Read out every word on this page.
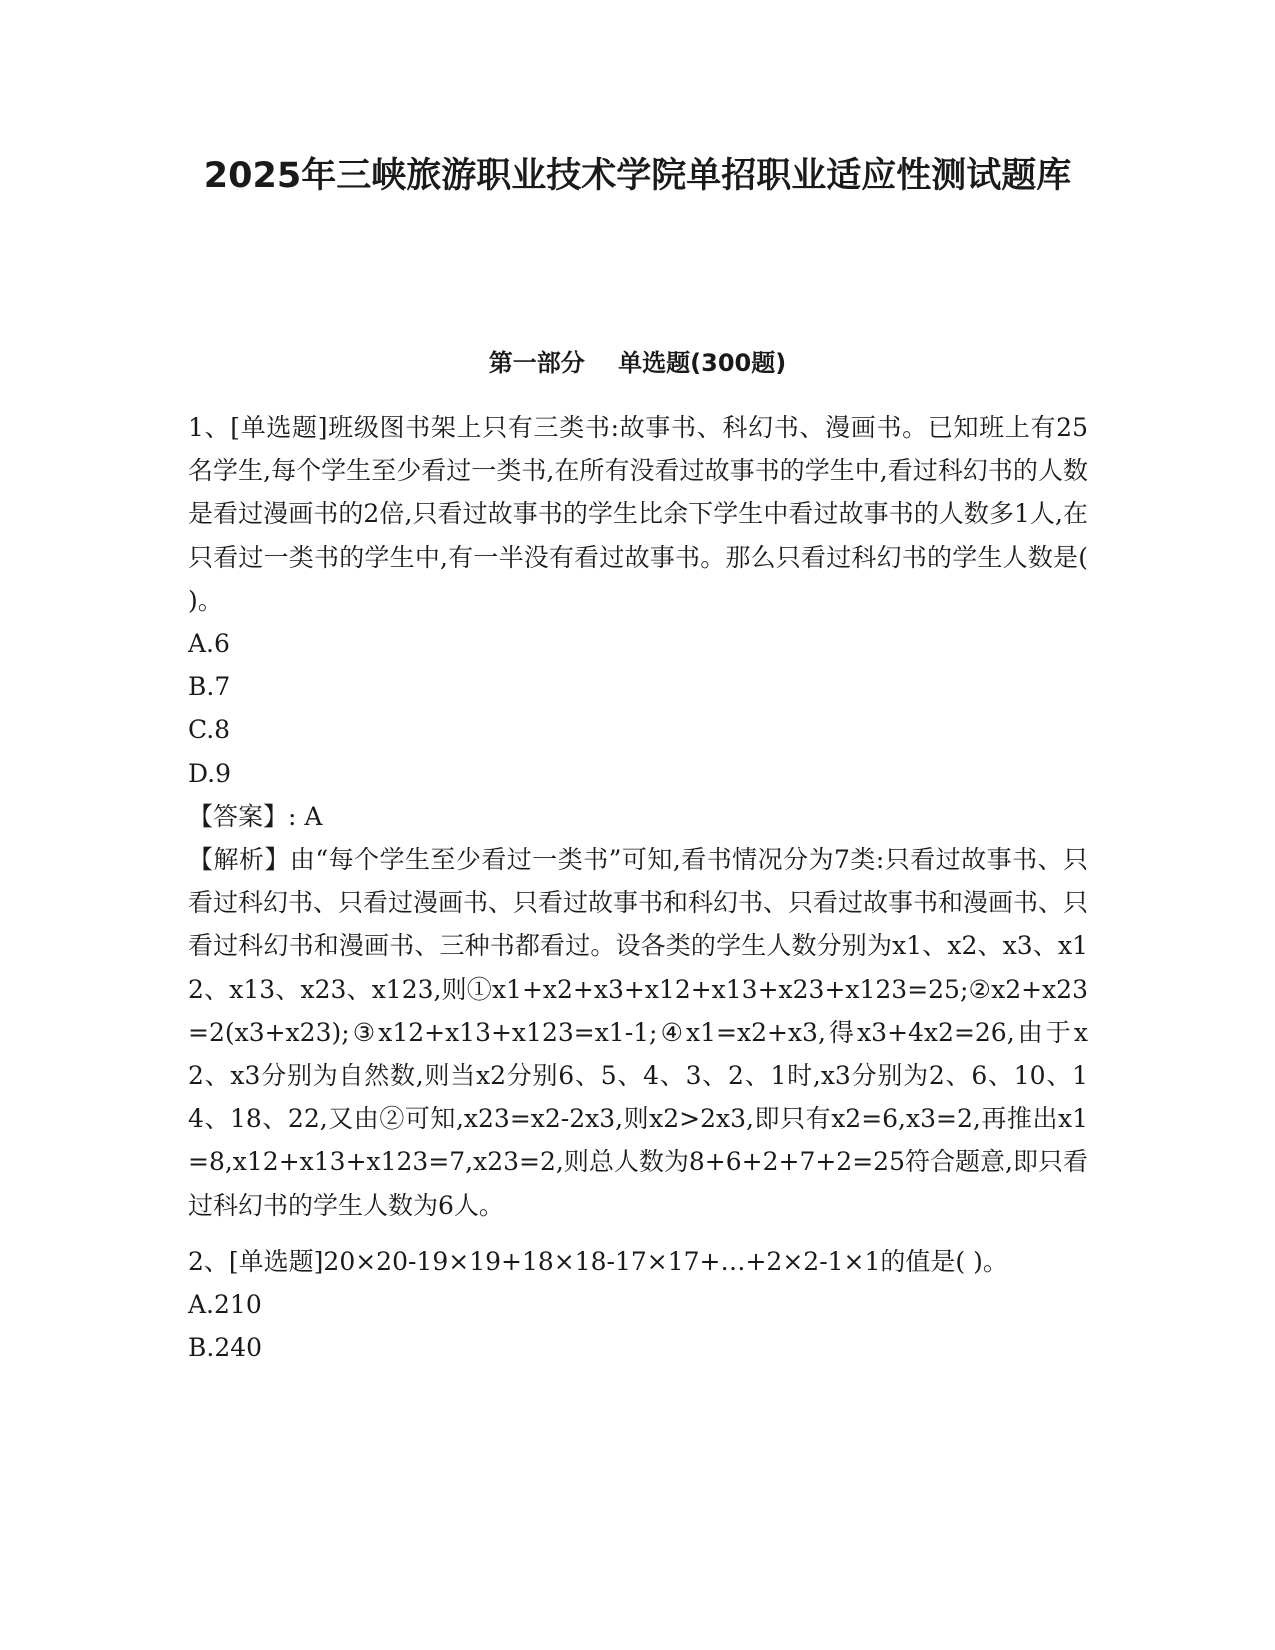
2025年三峡旅游职业技术学院单招职业适应性测试题库
第一部分    单选题(300题)

1、[单选题]班级图书架上只有三类书:故事书、科幻书、漫画书。已知班上有25名学生,每个学生至少看过一类书,在所有没看过故事书的学生中,看过科幻书的人数是看过漫画书的2倍,只看过故事书的学生比余下学生中看过故事书的人数多1人,在只看过一类书的学生中,有一半没有看过故事书。那么只看过科幻书的学生人数是( )。

A.6
B.7
C.8
D.9

【答案】: A

【解析】由“每个学生至少看过一类书”可知,看书情况分为7类:只看过故事书、只看过科幻书、只看过漫画书、只看过故事书和科幻书、只看过故事书和漫画书、只看过科幻书和漫画书、三种书都看过。设各类的学生人数分别为x1、x2、x3、x12、x13、x23、x123,则①x1+x2+x3+x12+x13+x23+x123=25;②x2+x23=2(x3+x23);③x12+x13+x123=x1-1;④x1=x2+x3,得x3+4x2=26,由于x2、x3分别为自然数,则当x2分别6、5、4、3、2、1时,x3分别为2、6、10、14、18、22,又由②可知,x23=x2-2x3,则x2>2x3,即只有x2=6,x3=2,再推出x1=8,x12+x13+x123=7,x23=2,则总人数为8+6+2+7+2=25符合题意,即只看过科幻书的学生人数为6人。

2、[单选题]20×20-19×19+18×18-17×17+…+2×2-1×1的值是( )。

A.210
B.240
